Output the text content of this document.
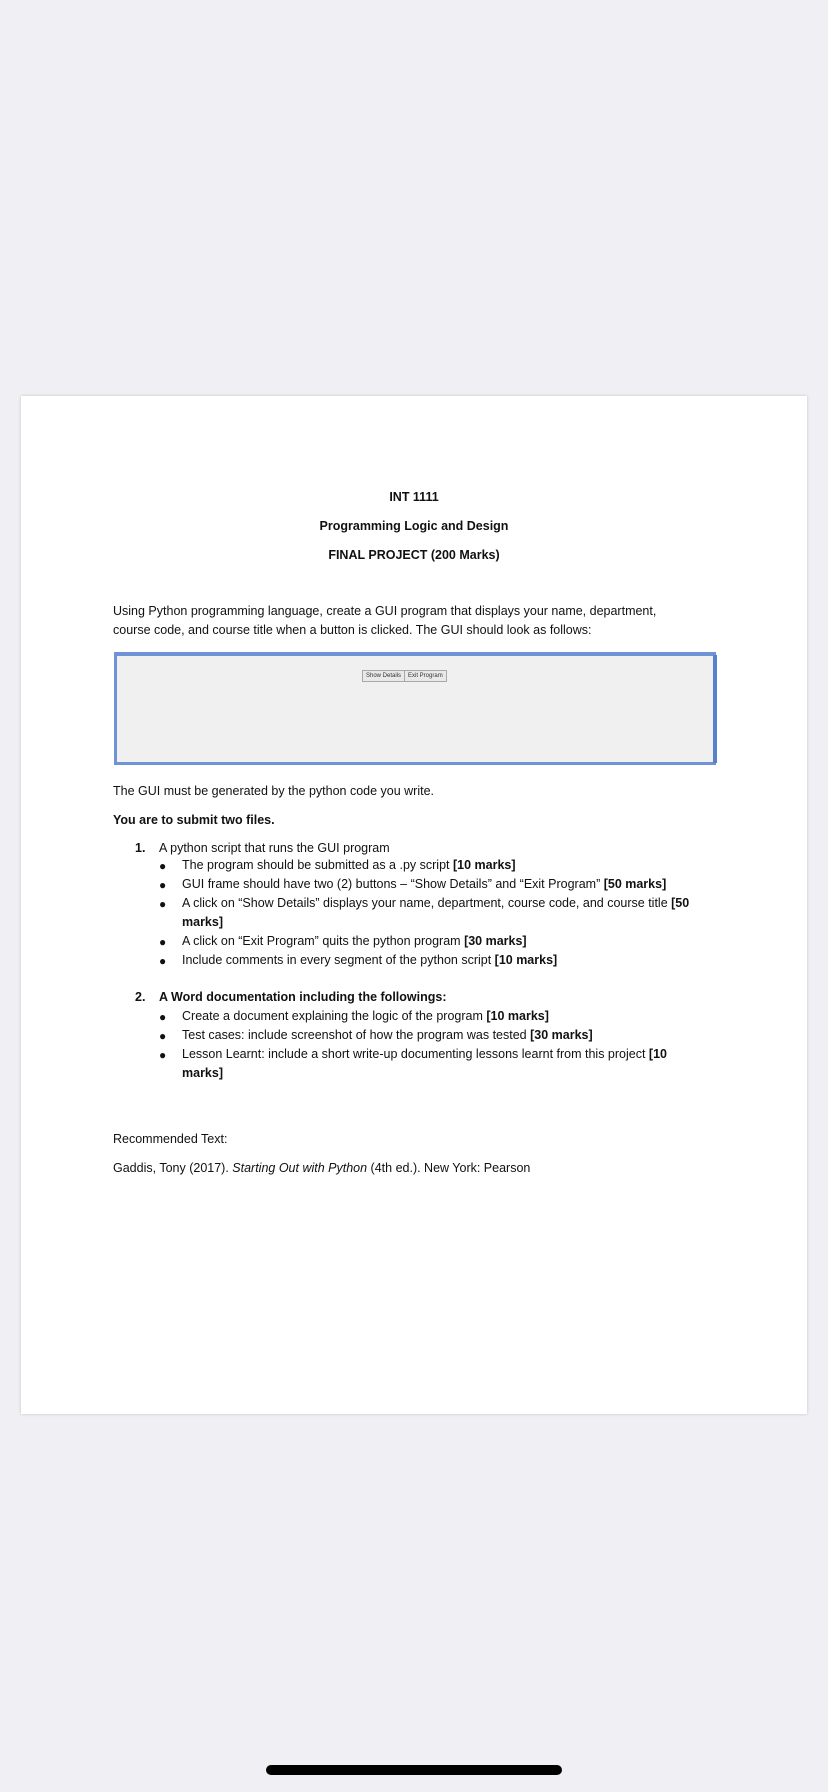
INT 1111
Programming Logic and Design
FINAL PROJECT (200 Marks)
Using Python programming language, create a GUI program that displays your name, department,
course code, and course title when a button is clicked. The GUI should look as follows:
Show Details	Exit Program
The GUI must be generated by the python code you write.
You are to submit two files.
1. A python script that runs the GUI program
● The program should be submitted as a .py script [10 marks]
● GUI frame should have two (2) buttons – “Show Details” and “Exit Program” [50 marks]
● A click on “Show Details” displays your name, department, course code, and course title [50
marks]
● A click on “Exit Program” quits the python program [30 marks]
● Include comments in every segment of the python script [10 marks]
2. A Word documentation including the followings:
● Create a document explaining the logic of the program [10 marks]
● Test cases: include screenshot of how the program was tested [30 marks]
● Lesson Learnt: include a short write-up documenting lessons learnt from this project [10
marks]
Recommended Text:
Gaddis, Tony (2017). Starting Out with Python (4th ed.). New York: Pearson
